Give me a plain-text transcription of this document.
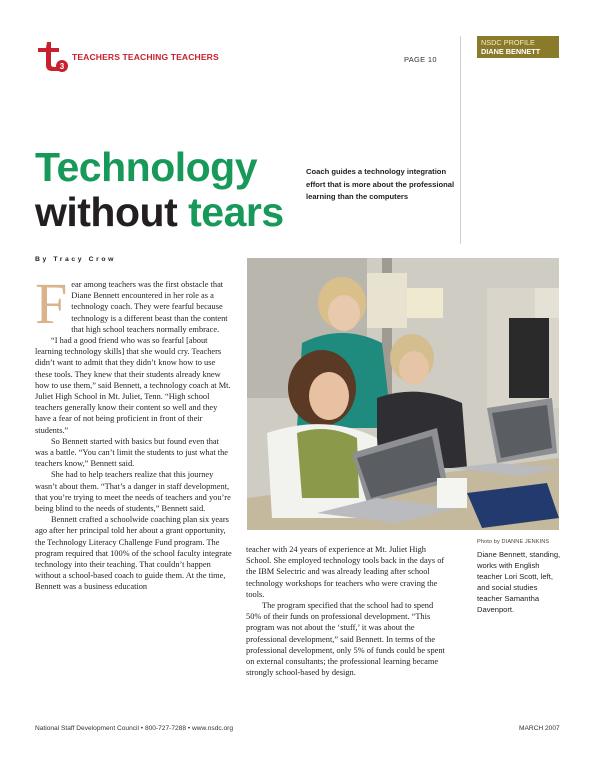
3
TEACHERS TEACHING TEACHERS	PAGE 10
NSDC PROFILE
DIANE BENNETT
Technology
without tears
Coach guides a technology integration effort that is more about the professional learning than the computers
By Tracy Crow
F ear among teachers was the first obstacle that Diane Bennett encountered in her role as a technology coach. They were fearful because technology is a different beast than the content that high school teachers normally embrace.

“I had a good friend who was so fearful [about learning technology skills] that she would cry. Teachers didn’t want to admit that they didn’t know how to use these tools. They knew that their students already knew how to use them,” said Bennett, a technology coach at Mt. Juliet High School in Mt. Juliet, Tenn. “High school teachers generally know their content so well and they have a fear of not being proficient in front of their students.”

So Bennett started with basics but found even that was a battle. “You can’t limit the students to just what the teachers know,” Bennett said.

She had to help teachers realize that this journey wasn’t about them. “That’s a danger in staff development, that you’re trying to meet the needs of teachers and you’re being blind to the needs of students,” Bennett said.

Bennett crafted a schoolwide coaching plan six years ago after her principal told her about a grant opportunity, the Technology Literacy Challenge Fund program. The program required that 100% of the school faculty integrate technology into their teaching. That couldn’t happen without a school-based coach to guide them. At the time, Bennett was a business education

Photo by DIANNE JENKINS
Diane Bennett, standing, works with English teacher Lori Scott, left, and social studies teacher Samantha Davenport.

teacher with 24 years of experience at Mt. Juliet High School. She employed technology tools back in the days of the IBM Selectric and was already leading after school technology workshops for teachers who were craving the tools.

The program specified that the school had to spend 50% of their funds on professional development. “This program was not about the ‘stuff,’ it was about the professional development,” said Bennett. In terms of the professional development, only 5% of funds could be spent on external consultants; the professional learning became strongly school-based by design.

National Staff Development Council • 800-727-7288 • www.nsdc.org	MARCH 2007
